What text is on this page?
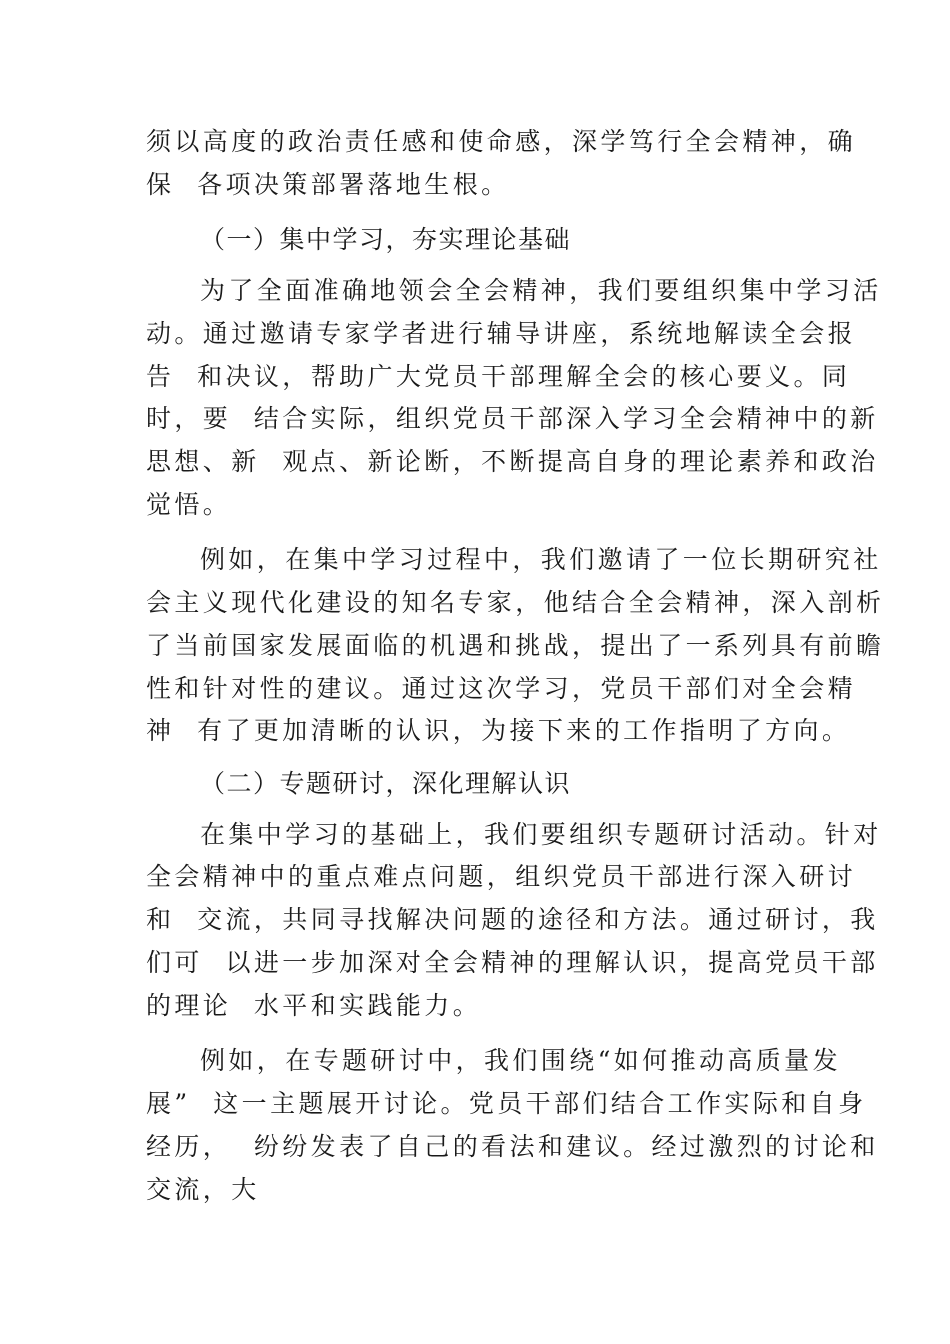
须以高度的政治责任感和使命感，深学笃行全会精神，确

保  各项决策部署落地生根。

（一）集中学习，夯实理论基础

为了全面准确地领会全会精神，我们要组织集中学习活

动。通过邀请专家学者进行辅导讲座，系统地解读全会报

告  和决议，帮助广大党员干部理解全会的核心要义。同

时，要  结合实际，组织党员干部深入学习全会精神中的新

思想、新  观点、新论断，不断提高自身的理论素养和政治

觉悟。

例如，在集中学习过程中，我们邀请了一位长期研究社

会主义现代化建设的知名专家，他结合全会精神，深入剖析

了当前国家发展面临的机遇和挑战，提出了一系列具有前瞻

性和针对性的建议。通过这次学习，党员干部们对全会精

神  有了更加清晰的认识，为接下来的工作指明了方向。

（二）专题研讨，深化理解认识

在集中学习的基础上，我们要组织专题研讨活动。针对

全会精神中的重点难点问题，组织党员干部进行深入研讨

和  交流，共同寻找解决问题的途径和方法。通过研讨，我

们可  以进一步加深对全会精神的理解认识，提高党员干部

的理论  水平和实践能力。

例如，在专题研讨中，我们围绕“如何推动高质量发

展”  这一主题展开讨论。党员干部们结合工作实际和自身

经历，  纷纷发表了自己的看法和建议。经过激烈的讨论和

交流，大
